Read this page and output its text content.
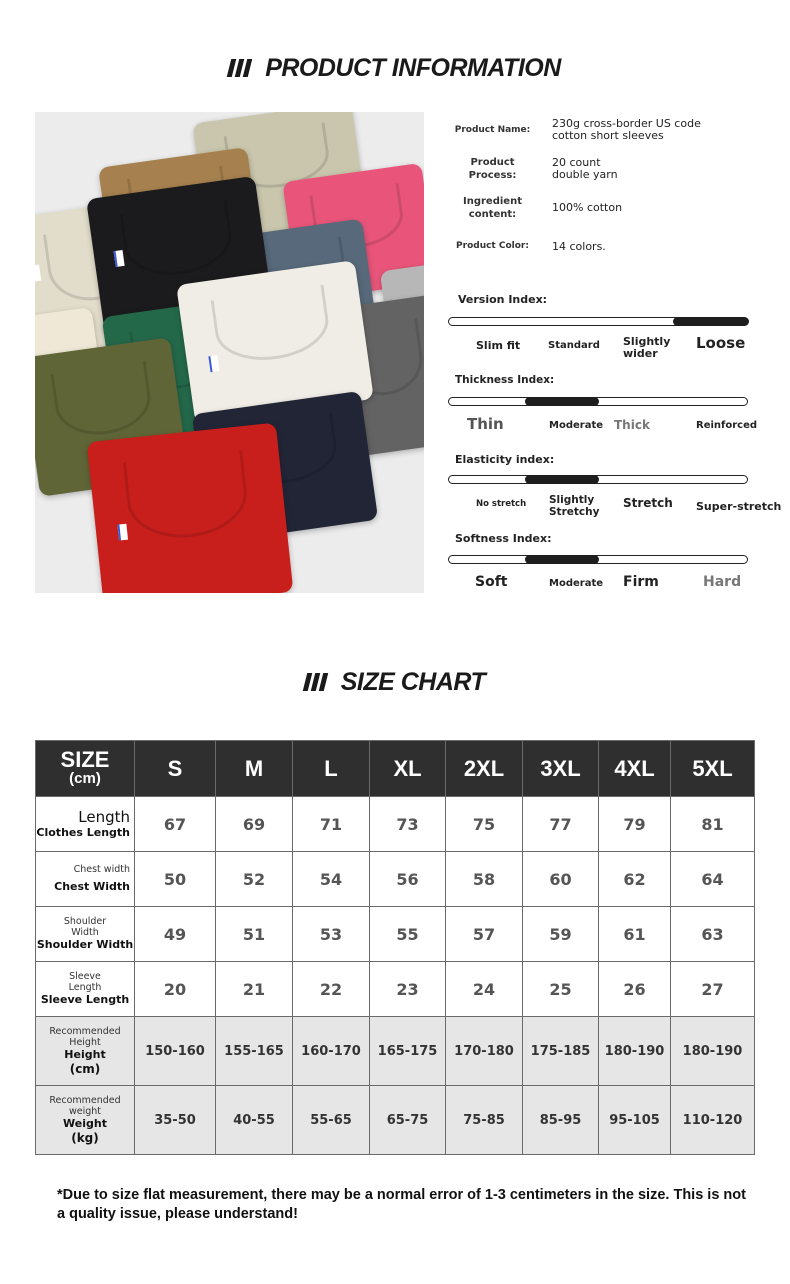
PRODUCT INFORMATION
Product Name:	230g cross-border US code
cotton short sleeves
Product
Process:
20 count
double yarn
Ingredient
content:
100% cotton
Product Color:	14 colors.
Version Index:
Slim fit	Standard Slightly wider
Loose
Thickness Index:
Thin	Moderate Thick	Reinforced
Elasticity index:
No stretch Slightly Stretchy
Stretch Super-stretch
Softness Index:
Soft	Moderate Firm	Hard
SIZE CHART
SIZE
(cm)	S	M	L	XL	2XL	3XL	4XL	5XL

Length
Clothes Length	67	69	71	73	75	77	79	81

Chest width
Chest Width	50	52	54	56	58	60	62	64

Shoulder Width
Shoulder Width	49	51	53	55	57	59	61	63

Sleeve Length
Sleeve Length	20	21	22	23	24	25	26	27

Recommended Height
Height
(cm)	150-160	155-165	160-170	165-175	170-180	175-185	180-190	180-190

Recommended weight
Weight
(kg)	35-50	40-55	55-65	65-75	75-85	85-95	95-105	110-120
*Due to size flat measurement, there may be a normal error of 1-3 centimeters in the size. This is not a quality issue, please understand!
